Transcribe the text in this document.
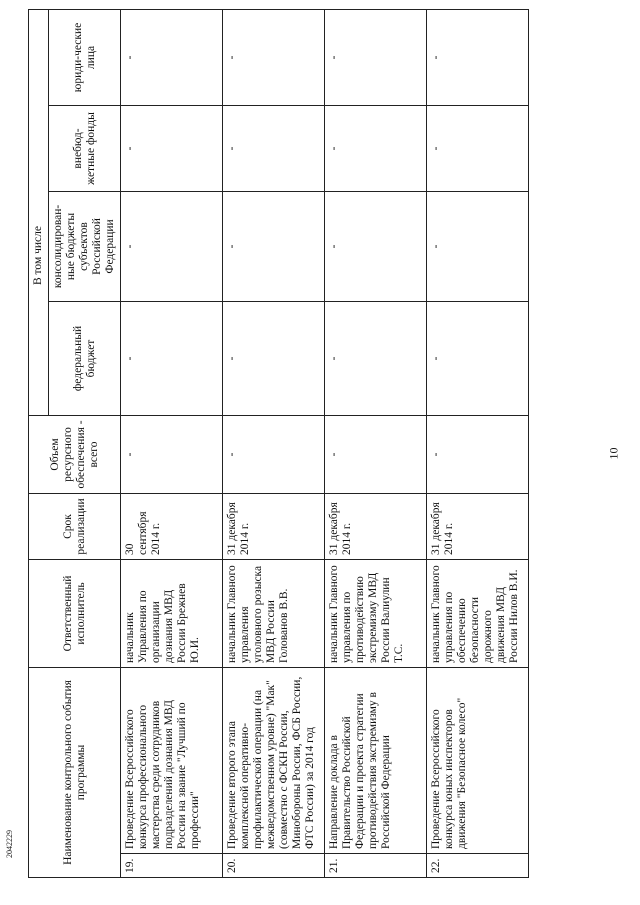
10
2042229	Наименование контрольного события программы		Ответственный исполнитель	Срок реализации	Объем ресурсного обеспечения - всего	В том числе			
					федеральный бюджет	консолидирован-ные бюджеты субъектов Российской Федерации	внебюд-жетные фонды	юриди-ческие лица
19.	Проведение Всероссийского конкурса профессионального мастерства среди сотрудников подразделений дознания МВД России на звание "Лучший по профессии"	начальник Управления по организации дознания МВД России Брежнев Ю.И.	30 сентября 2014 г.	-	-	-	-	-
20.	Проведение второго этапа комплексной оперативно-профилактической операции (на межведомственном уровне) "Мак" (совместно с ФСКН России, Минобороны России, ФСБ России, ФТС России) за 2014 год	начальник Главного управления уголовного розыска МВД России Голованов В.В.	31 декабря 2014 г.	-	-	-	-	-
21.	Направление доклада в Правительство Российской Федерации и проекта стратегии противодействия экстремизму в Российской Федерации	начальник Главного управления по противодействию экстремизму МВД России Валиулин Т.С.	31 декабря 2014 г.	-	-	-	-	-
22.	Проведение Всероссийского конкурса юных инспекторов движения "Безопасное колесо"	начальник Главного управления по обеспечению безопасности дорожного движения МВД России Нилов В.И.	31 декабря 2014 г.	-	-	-	-	-
